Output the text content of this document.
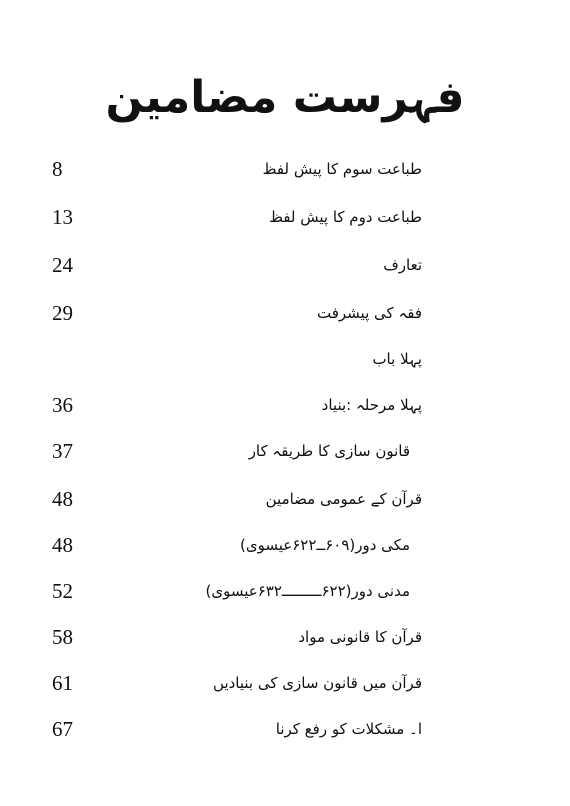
فہرست مضامین
8	طباعت سوم کا پیش لفظ
13	طباعت دوم کا پیش لفظ
24	تعارف
29	فقہ کی پیشرفت
پہلا باب
36	پہلا مرحلہ :بنیاد
37	قانون سازی کا طریقہ کار
48	قرآن کے عمومی مضامین
48	مکی دور(۶۰۹ــ۶۲۲عیسوی)
52	مدنی دور(۶۲۲ـــــــــ۶۳۲عیسوی)
58	قرآن کا قانونی مواد
61	قرآن میں قانون سازی کی بنیادیں
67	ا۔ مشکلات کو رفع کرنا
